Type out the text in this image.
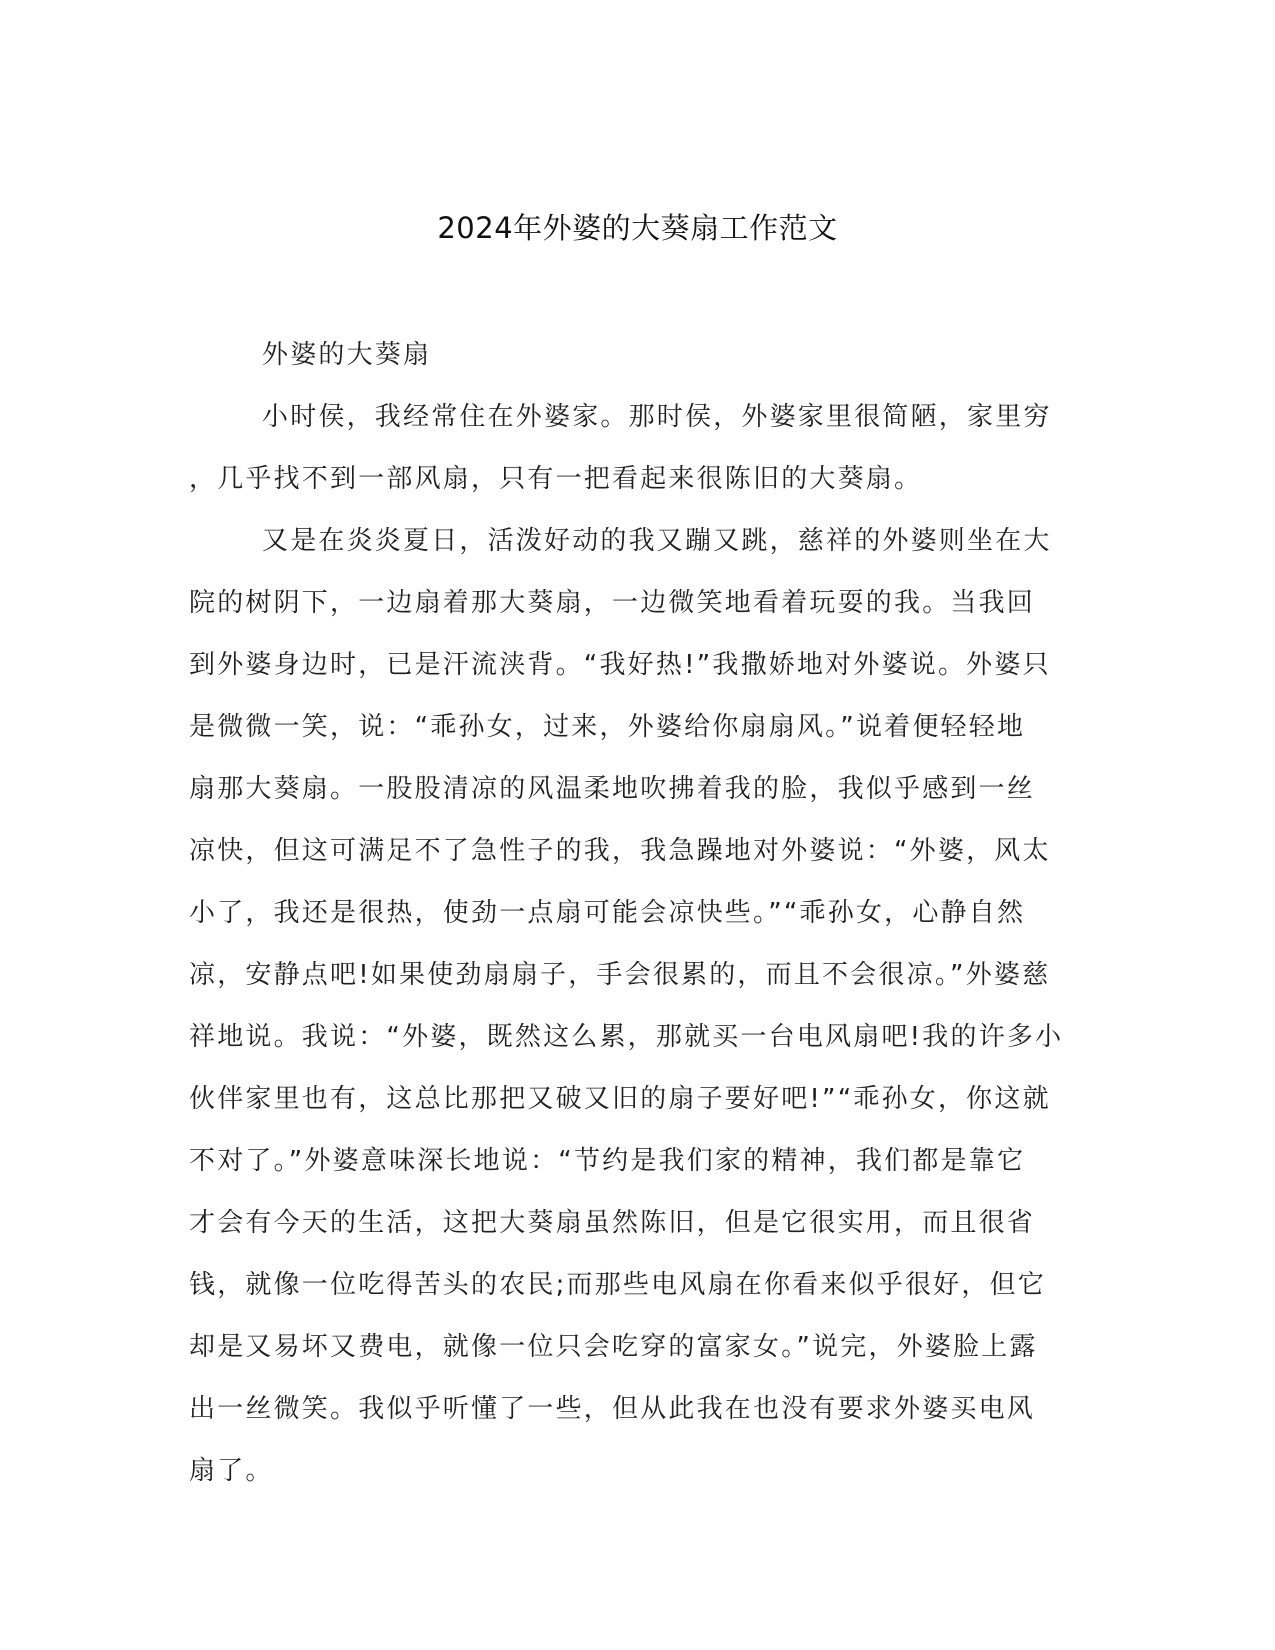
2024年外婆的大葵扇工作范文
外婆的大葵扇
小时侯，我经常住在外婆家。那时侯，外婆家里很简陋，家里穷
，几乎找不到一部风扇，只有一把看起来很陈旧的大葵扇。
又是在炎炎夏日，活泼好动的我又蹦又跳，慈祥的外婆则坐在大
院的树阴下，一边扇着那大葵扇，一边微笑地看着玩耍的我。当我回
到外婆身边时，已是汗流浃背。“我好热!”我撒娇地对外婆说。外婆只
是微微一笑，说：“乖孙女，过来，外婆给你扇扇风。”说着便轻轻地
扇那大葵扇。一股股清凉的风温柔地吹拂着我的脸，我似乎感到一丝
凉快，但这可满足不了急性子的我，我急躁地对外婆说：“外婆，风太
小了，我还是很热，使劲一点扇可能会凉快些。”“乖孙女，心静自然
凉，安静点吧!如果使劲扇扇子，手会很累的，而且不会很凉。”外婆慈
祥地说。我说：“外婆，既然这么累，那就买一台电风扇吧!我的许多小
伙伴家里也有，这总比那把又破又旧的扇子要好吧!”“乖孙女，你这就
不对了。”外婆意味深长地说：“节约是我们家的精神，我们都是靠它
才会有今天的生活，这把大葵扇虽然陈旧，但是它很实用，而且很省
钱，就像一位吃得苦头的农民;而那些电风扇在你看来似乎很好，但它
却是又易坏又费电，就像一位只会吃穿的富家女。”说完，外婆脸上露
出一丝微笑。我似乎听懂了一些，但从此我在也没有要求外婆买电风
扇了。
